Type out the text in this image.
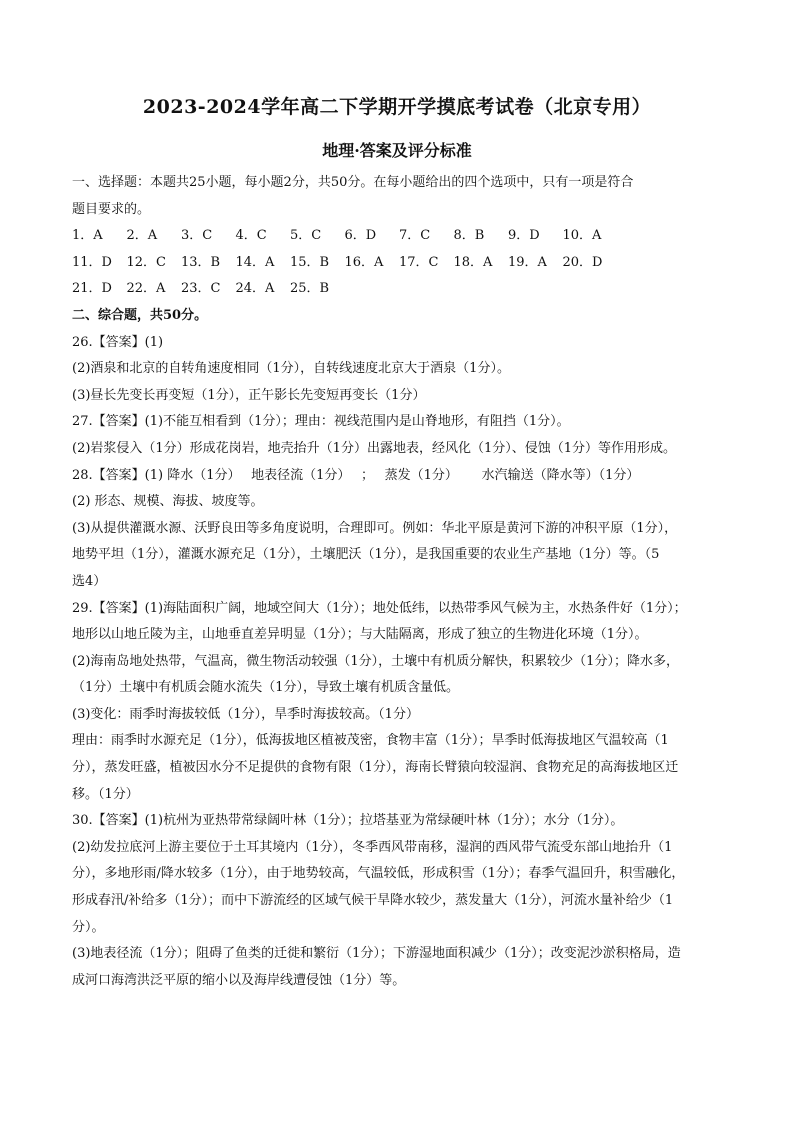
2023-2024学年高二下学期开学摸底考试卷（北京专用）
地理·答案及评分标准
一、选择题：本题共25小题，每小题2分，共50分。在每小题给出的四个选项中，只有一项是符合
题目要求的。
1．A	2．A	3．C	4．C	5．C	6．D	7．C	8．B	9．D	10．A
11．D	12．C	13．B	14．A	15．B	16．A	17．C	18．A	19．A	20．D
21．D	22．A	23．C	24．A	25．B
二、综合题，共50分。
26.【答案】(1)
(2)酒泉和北京的自转角速度相同（1分），自转线速度北京大于酒泉（1分）。
(3)昼长先变长再变短（1分），正午影长先变短再变长（1分）
27.【答案】(1)不能互相看到（1分）；理由：视线范围内是山脊地形，有阻挡（1分）。
(2)岩浆侵入（1分）形成花岗岩，地壳抬升（1分）出露地表，经风化（1分）、侵蚀（1分）等作用形成。
28.【答案】(1) 降水（1分）　 地表径流（1分）　 ；　 蒸发（1分）　　 水汽输送（降水等）（1分）
(2) 形态、规模、海拔、坡度等。
(3)从提供灌溉水源、沃野良田等多角度说明，合理即可。例如：华北平原是黄河下游的冲积平原（1分），
地势平坦（1分），灌溉水源充足（1分），土壤肥沃（1分），是我国重要的农业生产基地（1分）等。（5
选4）
29.【答案】(1)海陆面积广阔，地域空间大（1分）；地处低纬，以热带季风气候为主，水热条件好（1分）；
地形以山地丘陵为主，山地垂直差异明显（1分）；与大陆隔离，形成了独立的生物进化环境（1分）。
(2)海南岛地处热带，气温高，微生物活动较强（1分），土壤中有机质分解快，积累较少（1分）；降水多，
（1分）土壤中有机质会随水流失（1分），导致土壤有机质含量低。
(3)变化：雨季时海拔较低（1分），旱季时海拔较高。（1分）
理由：雨季时水源充足（1分），低海拔地区植被茂密，食物丰富（1分）；旱季时低海拔地区气温较高（1
分），蒸发旺盛，植被因水分不足提供的食物有限（1分），海南长臂猿向较湿润、食物充足的高海拔地区迁
移。（1分）
30.【答案】(1)杭州为亚热带常绿阔叶林（1分）；拉塔基亚为常绿硬叶林（1分）；水分（1分）。
(2)幼发拉底河上游主要位于土耳其境内（1分），冬季西风带南移，湿润的西风带气流受东部山地抬升（1
分），多地形雨/降水较多（1分），由于地势较高，气温较低，形成积雪（1分）；春季气温回升，积雪融化，
形成春汛/补给多（1分）；而中下游流经的区域气候干旱降水较少，蒸发量大（1分），河流水量补给少（1
分）。
(3)地表径流（1分）；阻碍了鱼类的迁徙和繁衍（1分）；下游湿地面积减少（1分）；改变泥沙淤积格局，造
成河口海湾洪泛平原的缩小以及海岸线遭侵蚀（1分）等。
